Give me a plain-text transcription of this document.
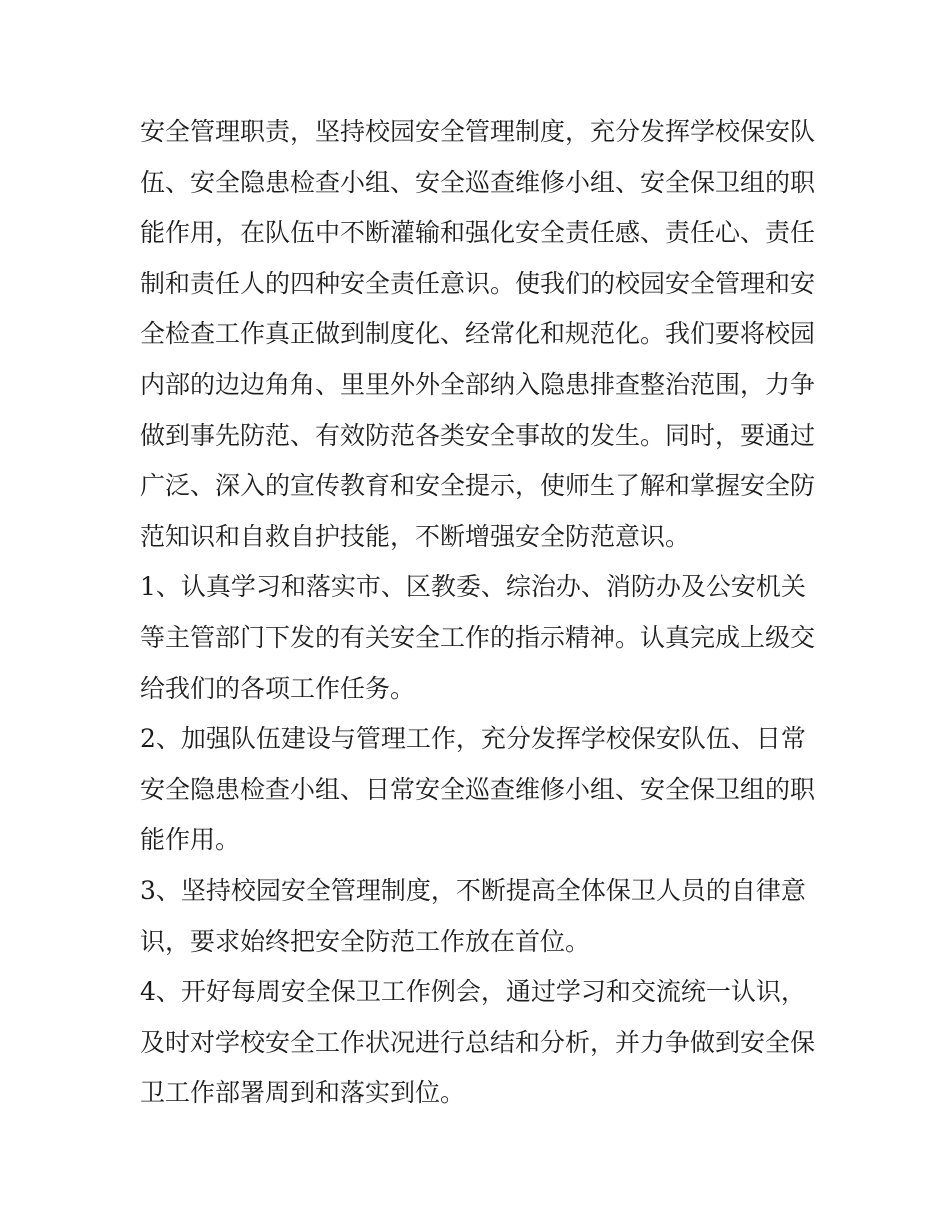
安全管理职责，坚持校园安全管理制度，充分发挥学校保安队
伍、安全隐患检查小组、安全巡查维修小组、安全保卫组的职
能作用，在队伍中不断灌输和强化安全责任感、责任心、责任
制和责任人的四种安全责任意识。使我们的校园安全管理和安
全检查工作真正做到制度化、经常化和规范化。我们要将校园
内部的边边角角、里里外外全部纳入隐患排查整治范围，力争
做到事先防范、有效防范各类安全事故的发生。同时，要通过
广泛、深入的宣传教育和安全提示，使师生了解和掌握安全防
范知识和自救自护技能，不断增强安全防范意识。
1、认真学习和落实市、区教委、综治办、消防办及公安机关
等主管部门下发的有关安全工作的指示精神。认真完成上级交
给我们的各项工作任务。
2、加强队伍建设与管理工作，充分发挥学校保安队伍、日常
安全隐患检查小组、日常安全巡查维修小组、安全保卫组的职
能作用。
3、坚持校园安全管理制度，不断提高全体保卫人员的自律意
识，要求始终把安全防范工作放在首位。
4、开好每周安全保卫工作例会，通过学习和交流统一认识，
及时对学校安全工作状况进行总结和分析，并力争做到安全保
卫工作部署周到和落实到位。
